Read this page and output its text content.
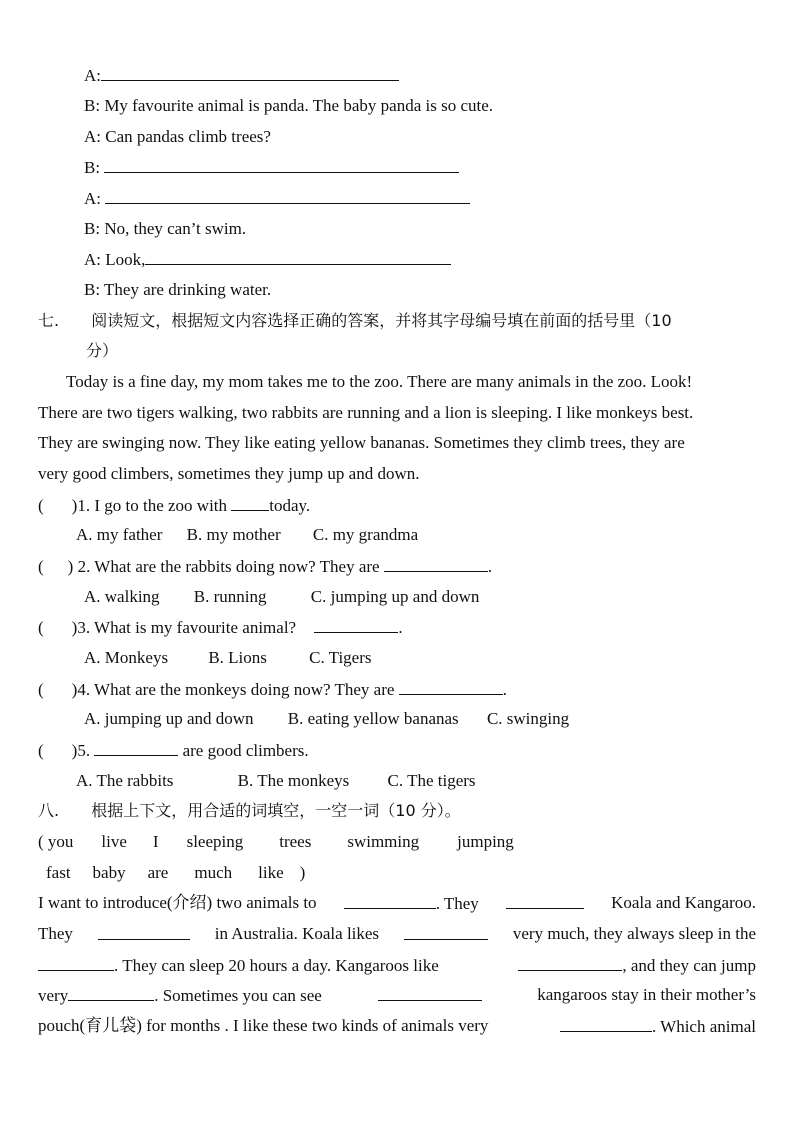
A:
B: My favourite animal is panda. The baby panda is so cute.
A: Can pandas climb trees?
B:
A:
B: No, they can’t swim.
A: Look,
B: They are drinking water.
七. 阅读短文，根据短文内容选择正确的答案，并将其字母编号填在前面的括号里（10
分）
Today is a fine day, my mom takes me to the zoo. There are many animals in the zoo. Look!
There are two tigers walking, two rabbits are running and a lion is sleeping. I like monkeys best.
They are swinging now. They like eating yellow bananas. Sometimes they climb trees, they are
very good climbers, sometimes they jump up and down.
( )1. I go to the zoo with today.
A. my father B. my mother C. my grandma
( ) 2. What are the rabbits doing now? They are	.
A. walking B. running	C. jumping up and down
( )3. What is my favourite animal?	.
A. Monkeys B. Lions C. Tigers
( )4. What are the monkeys doing now? They are	.
A. jumping up and down B. eating yellow bananas C. swinging
( )5.	are good climbers.
A. The rabbits	B. The monkeys C. The tigers
八. 根据上下文，用合适的词填空，一空一词（10 分）。
( you live I sleeping trees swimming jumping
fast baby are much like )
I want to introduce(介绍) two animals to	. They	Koala and Kangaroo.
They	in Australia. Koala likes	very much, they always sleep in the
. They can sleep 20 hours a day. Kangaroos like	, and they can jump
very	. Sometimes you can see	kangaroos stay in their mother’s
pouch(育儿袋) for months . I like these two kinds of animals very	. Which animal
